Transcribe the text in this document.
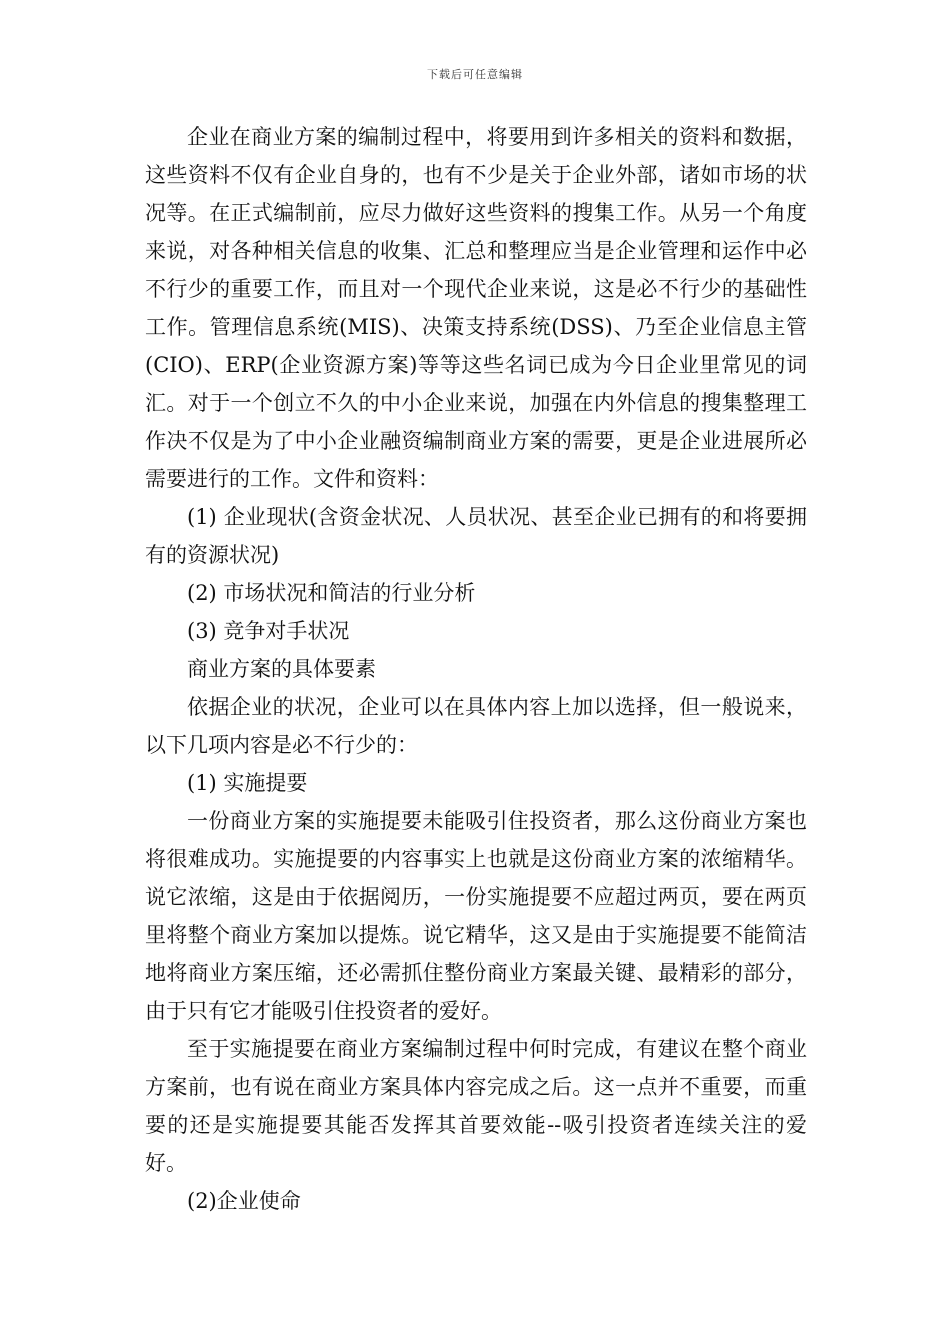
下载后可任意编辑

企业在商业方案的编制过程中，将要用到许多相关的资料和数据，这些资料不仅有企业自身的，也有不少是关于企业外部，诸如市场的状况等。在正式编制前，应尽力做好这些资料的搜集工作。从另一个角度来说，对各种相关信息的收集、汇总和整理应当是企业管理和运作中必不行少的重要工作，而且对一个现代企业来说，这是必不行少的基础性工作。管理信息系统(MIS)、决策支持系统(DSS)、乃至企业信息主管(CIO)、ERP(企业资源方案)等等这些名词已成为今日企业里常见的词汇。对于一个创立不久的中小企业来说，加强在内外信息的搜集整理工作决不仅是为了中小企业融资编制商业方案的需要，更是企业进展所必需要进行的工作。文件和资料：

(1) 企业现状(含资金状况、人员状况、甚至企业已拥有的和将要拥有的资源状况)

(2) 市场状况和简洁的行业分析

(3) 竞争对手状况

商业方案的具体要素

依据企业的状况，企业可以在具体内容上加以选择，但一般说来，以下几项内容是必不行少的：

(1) 实施提要

一份商业方案的实施提要未能吸引住投资者，那么这份商业方案也将很难成功。实施提要的内容事实上也就是这份商业方案的浓缩精华。说它浓缩，这是由于依据阅历，一份实施提要不应超过两页，要在两页里将整个商业方案加以提炼。说它精华，这又是由于实施提要不能简洁地将商业方案压缩，还必需抓住整份商业方案最关键、最精彩的部分，由于只有它才能吸引住投资者的爱好。

至于实施提要在商业方案编制过程中何时完成，有建议在整个商业方案前，也有说在商业方案具体内容完成之后。这一点并不重要，而重要的还是实施提要其能否发挥其首要效能--吸引投资者连续关注的爱好。

(2)企业使命
